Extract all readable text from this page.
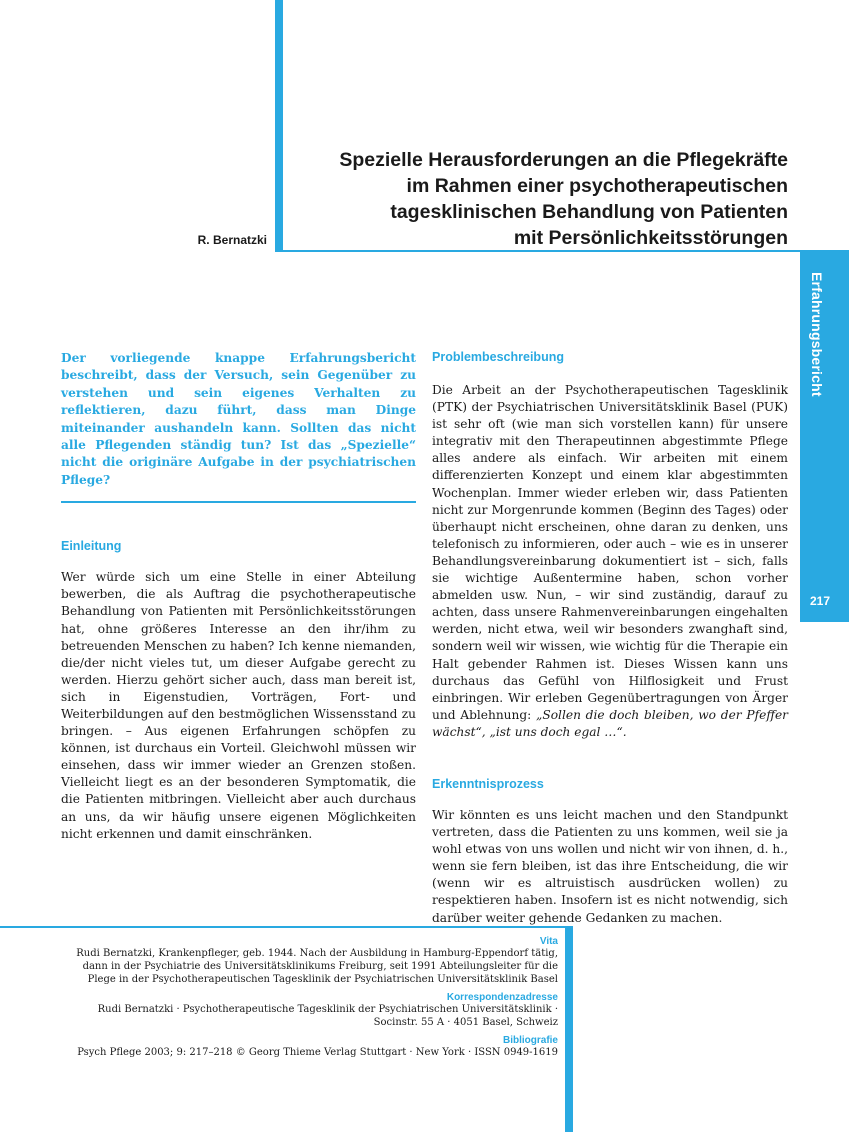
R. Bernatzki
Spezielle Herausforderungen an die Pflegekräfte
im Rahmen einer psychotherapeutischen
tagesklinischen Behandlung von Patienten
mit Persönlichkeitsstörungen
Erfahrungsbericht
217

Der vorliegende knappe Erfahrungsbericht beschreibt, dass der Versuch, sein Gegenüber zu verstehen und sein eigenes Verhalten zu reflektieren, dazu führt, dass man Dinge miteinander aushandeln kann. Sollten das nicht alle Pflegenden ständig tun? Ist das „Spezielle“ nicht die originäre Aufgabe in der psychiatrischen Pflege?

Einleitung

Wer würde sich um eine Stelle in einer Abteilung bewerben, die als Auftrag die psychotherapeutische Behandlung von Patienten mit Persönlichkeitsstörungen hat, ohne größeres Interesse an den ihr/ihm zu betreuenden Menschen zu haben? Ich kenne niemanden, die/der nicht vieles tut, um dieser Aufgabe gerecht zu werden. Hierzu gehört sicher auch, dass man bereit ist, sich in Eigenstudien, Vorträgen, Fort- und Weiterbildungen auf den bestmöglichen Wissensstand zu bringen. – Aus eigenen Erfahrungen schöpfen zu können, ist durchaus ein Vorteil. Gleichwohl müssen wir einsehen, dass wir immer wieder an Grenzen stoßen. Vielleicht liegt es an der besonderen Symptomatik, die die Patienten mitbringen. Vielleicht aber auch durchaus an uns, da wir häufig unsere eigenen Möglichkeiten nicht erkennen und damit einschränken.

Problembeschreibung

Die Arbeit an der Psychotherapeutischen Tagesklinik (PTK) der Psychiatrischen Universitätsklinik Basel (PUK) ist sehr oft (wie man sich vorstellen kann) für unsere integrativ mit den Therapeutinnen abgestimmte Pflege alles andere als einfach. Wir arbeiten mit einem differenzierten Konzept und einem klar abgestimmten Wochenplan. Immer wieder erleben wir, dass Patienten nicht zur Morgenrunde kommen (Beginn des Tages) oder überhaupt nicht erscheinen, ohne daran zu denken, uns telefonisch zu informieren, oder auch – wie es in unserer Behandlungsvereinbarung dokumentiert ist – sich, falls sie wichtige Außentermine haben, schon vorher abmelden usw. Nun, – wir sind zuständig, darauf zu achten, dass unsere Rahmenvereinbarungen eingehalten werden, nicht etwa, weil wir besonders zwanghaft sind, sondern weil wir wissen, wie wichtig für die Therapie ein Halt gebender Rahmen ist. Dieses Wissen kann uns durchaus das Gefühl von Hilflosigkeit und Frust einbringen. Wir erleben Gegenübertragungen von Ärger und Ablehnung: „Sollen die doch bleiben, wo der Pfeffer wächst“, „ist uns doch egal …“.

Erkenntnisprozess

Wir könnten es uns leicht machen und den Standpunkt vertreten, dass die Patienten zu uns kommen, weil sie ja wohl etwas von uns wollen und nicht wir von ihnen, d. h., wenn sie fern bleiben, ist das ihre Entscheidung, die wir (wenn wir es altruistisch ausdrücken wollen) zu respektieren haben. Insofern ist es nicht notwendig, sich darüber weiter gehende Gedanken zu machen.

Vita

Rudi Bernatzki, Krankenpfleger, geb. 1944. Nach der Ausbildung in Hamburg-Eppendorf tätig, dann in der Psychiatrie des Universitätsklinikums Freiburg, seit 1991 Abteilungsleiter für die Plege in der Psychotherapeutischen Tagesklinik der Psychiatrischen Universitätsklinik Basel

Korrespondenzadresse

Rudi Bernatzki · Psychotherapeutische Tagesklinik der Psychiatrischen Universitätsklinik · Socinstr. 55 A · 4051 Basel, Schweiz

Bibliografie

Psych Pflege 2003; 9: 217–218 © Georg Thieme Verlag Stuttgart · New York · ISSN 0949-1619
